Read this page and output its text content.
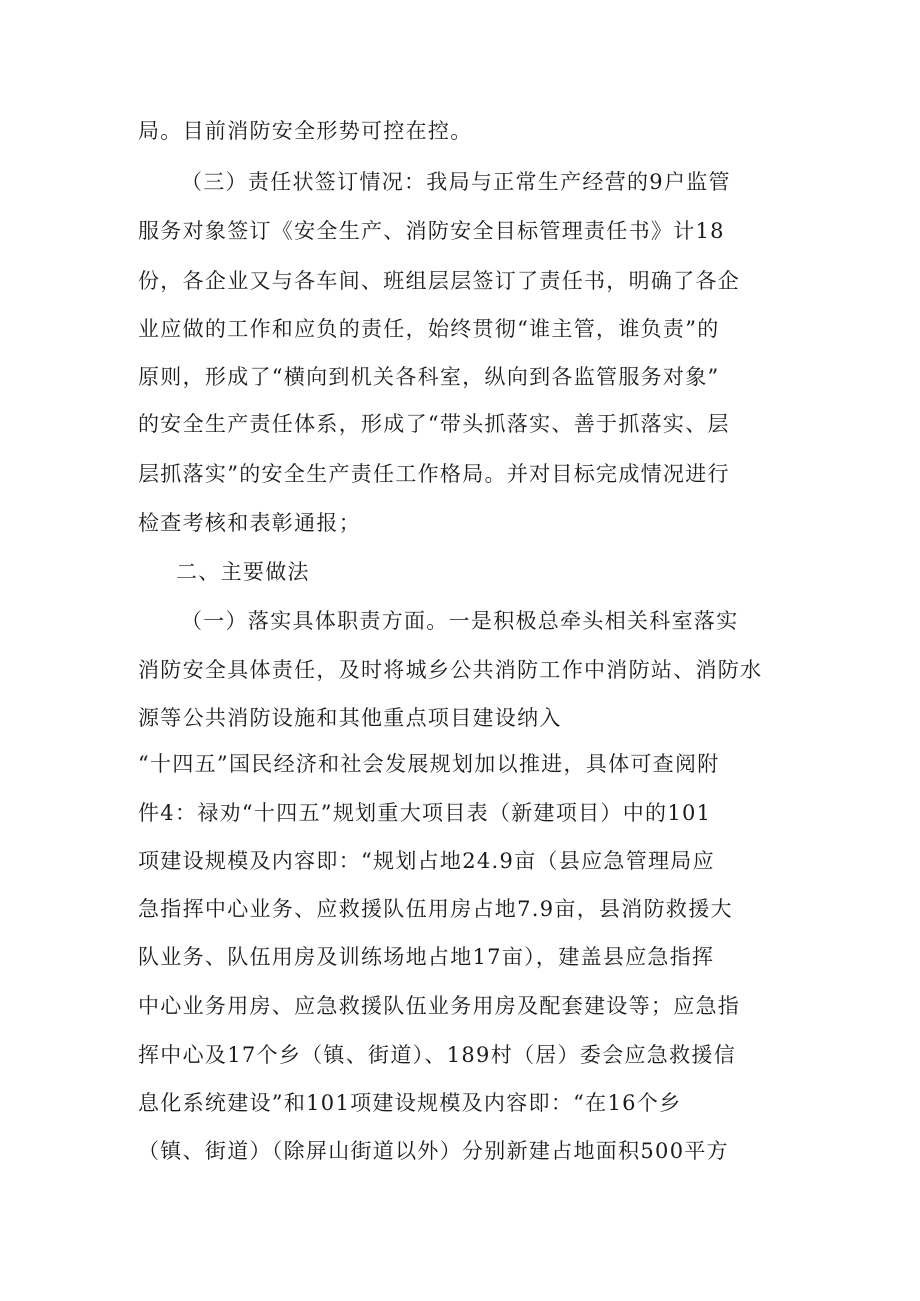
局。目前消防安全形势可控在控。
（三）责任状签订情况：我局与正常生产经营的9户监管
服务对象签订《安全生产、消防安全目标管理责任书》计18
份，各企业又与各车间、班组层层签订了责任书，明确了各企
业应做的工作和应负的责任，始终贯彻“谁主管，谁负责”的
原则，形成了“横向到机关各科室，纵向到各监管服务对象”
的安全生产责任体系，形成了“带头抓落实、善于抓落实、层
层抓落实”的安全生产责任工作格局。并对目标完成情况进行
检查考核和表彰通报；
二、主要做法
（一）落实具体职责方面。一是积极总牵头相关科室落实
消防安全具体责任，及时将城乡公共消防工作中消防站、消防水
源等公共消防设施和其他重点项目建设纳入
“十四五”国民经济和社会发展规划加以推进，具体可查阅附
件4：禄劝“十四五”规划重大项目表（新建项目）中的101
项建设规模及内容即：“规划占地24.9亩（县应急管理局应
急指挥中心业务、应救援队伍用房占地7.9亩，县消防救援大
队业务、队伍用房及训练场地占地17亩），建盖县应急指挥
中心业务用房、应急救援队伍业务用房及配套建设等；应急指
挥中心及17个乡（镇、街道）、189村（居）委会应急救援信
息化系统建设”和101项建设规模及内容即：“在16个乡
（镇、街道）（除屏山街道以外）分别新建占地面积500平方
